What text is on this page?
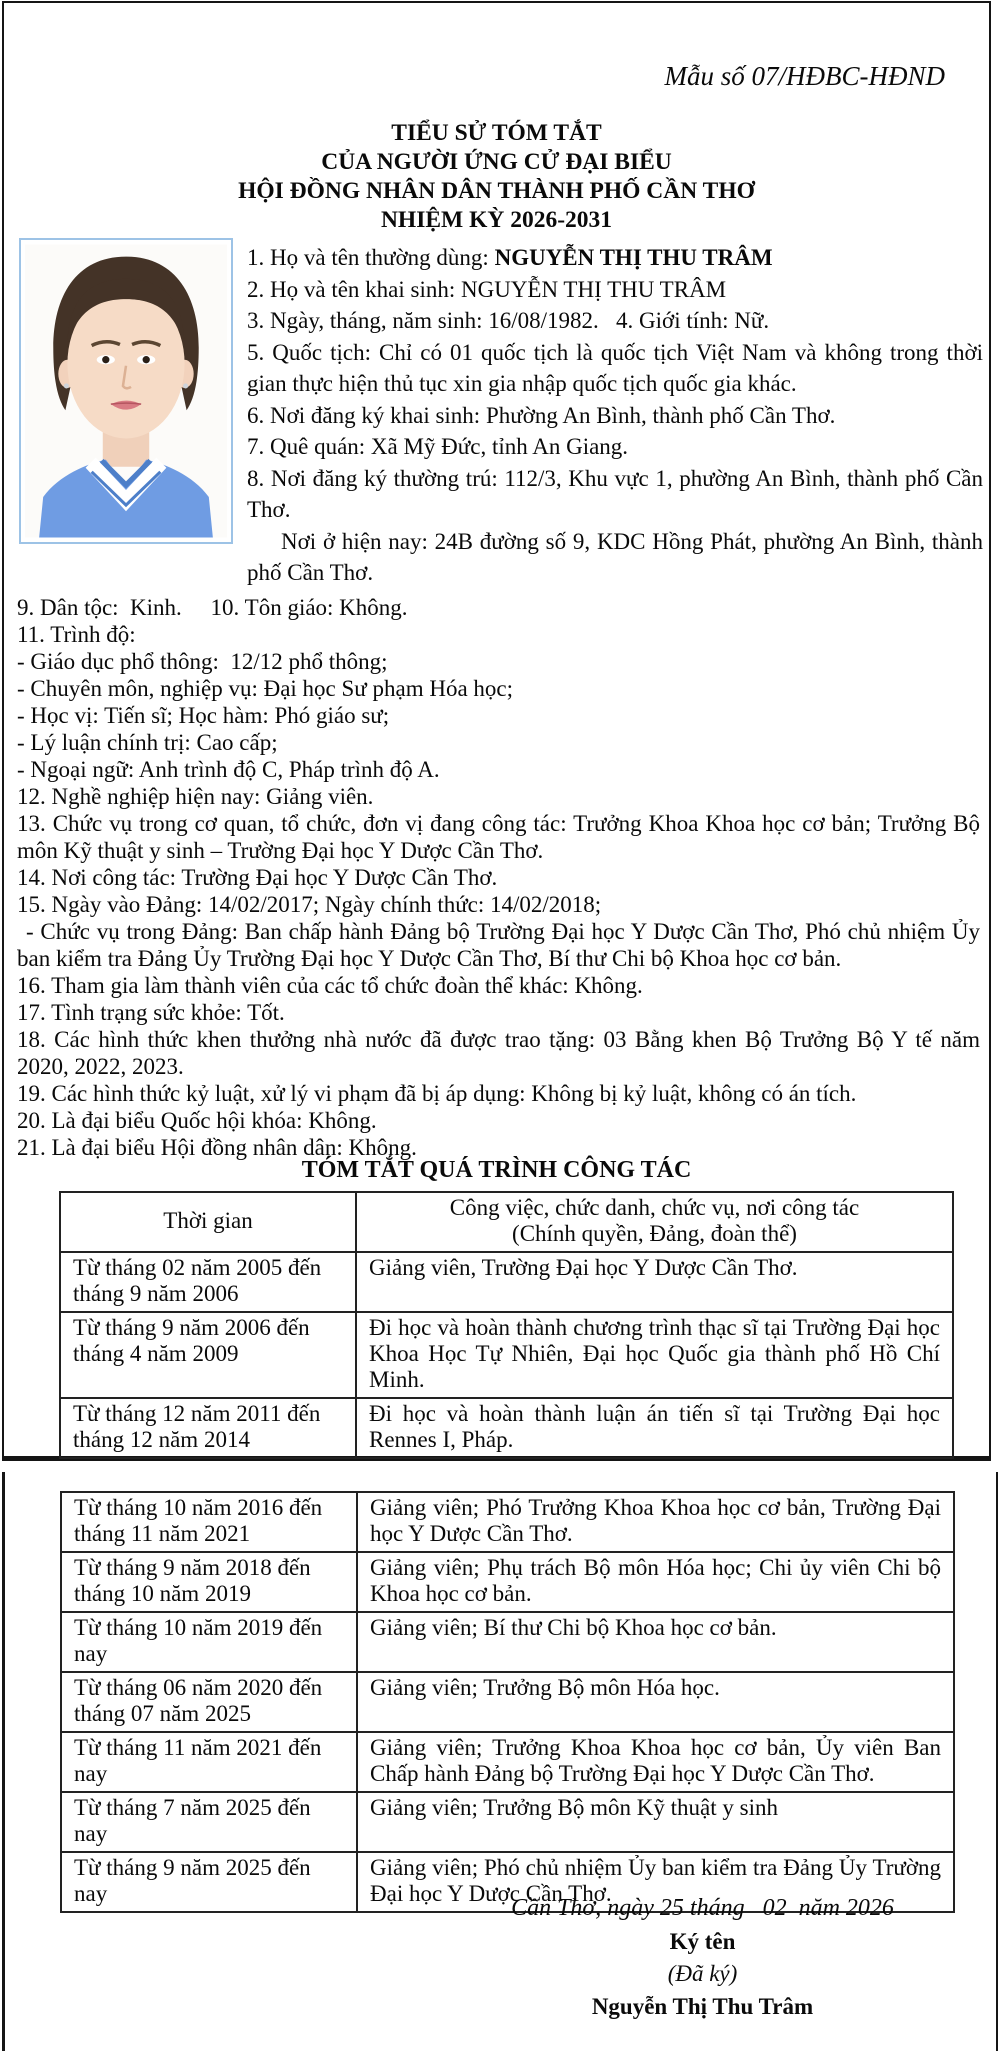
Mẫu số 07/HĐBC-HĐND
TIỂU SỬ TÓM TẮT
CỦA NGƯỜI ỨNG CỬ ĐẠI BIỂU
HỘI ĐỒNG NHÂN DÂN THÀNH PHỐ CẦN THƠ
NHIỆM KỲ 2026-2031

1. Họ và tên thường dùng: NGUYỄN THỊ THU TRÂM

2. Họ và tên khai sinh: NGUYỄN THỊ THU TRÂM

3. Ngày, tháng, năm sinh: 16/08/1982.   4. Giới tính: Nữ.

5. Quốc tịch: Chỉ có 01 quốc tịch là quốc tịch Việt Nam và không trong thời gian thực hiện thủ tục xin gia nhập quốc tịch quốc gia khác.

6. Nơi đăng ký khai sinh: Phường An Bình, thành phố Cần Thơ.

7. Quê quán: Xã Mỹ Đức, tỉnh An Giang.

8. Nơi đăng ký thường trú: 112/3, Khu vực 1, phường An Bình, thành phố Cần Thơ.

Nơi ở hiện nay: 24B đường số 9, KDC Hồng Phát, phường An Bình, thành phố Cần Thơ.

9. Dân tộc:  Kinh.     10. Tôn giáo: Không.

11. Trình độ:

- Giáo dục phổ thông:  12/12 phổ thông;

- Chuyên môn, nghiệp vụ: Đại học Sư phạm Hóa học;

- Học vị: Tiến sĩ; Học hàm: Phó giáo sư;

- Lý luận chính trị: Cao cấp;

- Ngoại ngữ: Anh trình độ C, Pháp trình độ A.

12. Nghề nghiệp hiện nay: Giảng viên.

13. Chức vụ trong cơ quan, tổ chức, đơn vị đang công tác: Trưởng Khoa Khoa học cơ bản; Trưởng Bộ môn Kỹ thuật y sinh – Trường Đại học Y Dược Cần Thơ.

14. Nơi công tác: Trường Đại học Y Dược Cần Thơ.

15. Ngày vào Đảng: 14/02/2017; Ngày chính thức: 14/02/2018;

- Chức vụ trong Đảng: Ban chấp hành Đảng bộ Trường Đại học Y Dược Cần Thơ, Phó chủ nhiệm Ủy ban kiểm tra Đảng Ủy Trường Đại học Y Dược Cần Thơ, Bí thư Chi bộ Khoa học cơ bản.

16. Tham gia làm thành viên của các tổ chức đoàn thể khác: Không.

17. Tình trạng sức khỏe: Tốt.

18. Các hình thức khen thưởng nhà nước đã được trao tặng: 03 Bằng khen Bộ Trưởng Bộ Y tế năm 2020, 2022, 2023.

19. Các hình thức kỷ luật, xử lý vi phạm đã bị áp dụng: Không bị kỷ luật, không có án tích.

20. Là đại biểu Quốc hội khóa: Không.

21. Là đại biểu Hội đồng nhân dân: Không.

TÓM TẮT QUÁ TRÌNH CÔNG TÁC
Thời gian	Công việc, chức danh, chức vụ, nơi công tác
(Chính quyền, Đảng, đoàn thể)

Từ tháng 02 năm 2005 đến tháng 9 năm 2006	Giảng viên, Trường Đại học Y Dược Cần Thơ.
Từ tháng 9 năm 2006 đến tháng 4 năm 2009	Đi học và hoàn thành chương trình thạc sĩ tại Trường Đại học Khoa Học Tự Nhiên, Đại học Quốc gia thành phố Hồ Chí Minh.
Từ tháng 12 năm 2011 đến tháng 12 năm 2014	Đi học và hoàn thành luận án tiến sĩ tại Trường Đại học Rennes I, Pháp.
Từ tháng 10 năm 2016 đến tháng 11 năm 2021	Giảng viên; Phó Trưởng Khoa Khoa học cơ bản, Trường Đại học Y Dược Cần Thơ.
Từ tháng 9 năm 2018 đến tháng 10 năm 2019	Giảng viên; Phụ trách Bộ môn Hóa học; Chi ủy viên Chi bộ Khoa học cơ bản.
Từ tháng 10 năm 2019 đến nay	Giảng viên; Bí thư Chi bộ Khoa học cơ bản.
Từ tháng 06 năm 2020 đến tháng 07 năm 2025	Giảng viên; Trưởng Bộ môn Hóa học.
Từ tháng 11 năm 2021 đến nay	Giảng viên; Trưởng Khoa Khoa học cơ bản, Ủy viên Ban Chấp hành Đảng bộ Trường Đại học Y Dược Cần Thơ.
Từ tháng 7 năm 2025 đến nay	Giảng viên; Trưởng Bộ môn Kỹ thuật y sinh
Từ tháng 9 năm 2025 đến nay	Giảng viên; Phó chủ nhiệm Ủy ban kiểm tra Đảng Ủy Trường Đại học Y Dược Cần Thơ.
Cần Thơ, ngày 25 tháng   02  năm 2026
Ký tên
(Đã ký)
Nguyễn Thị Thu Trâm
